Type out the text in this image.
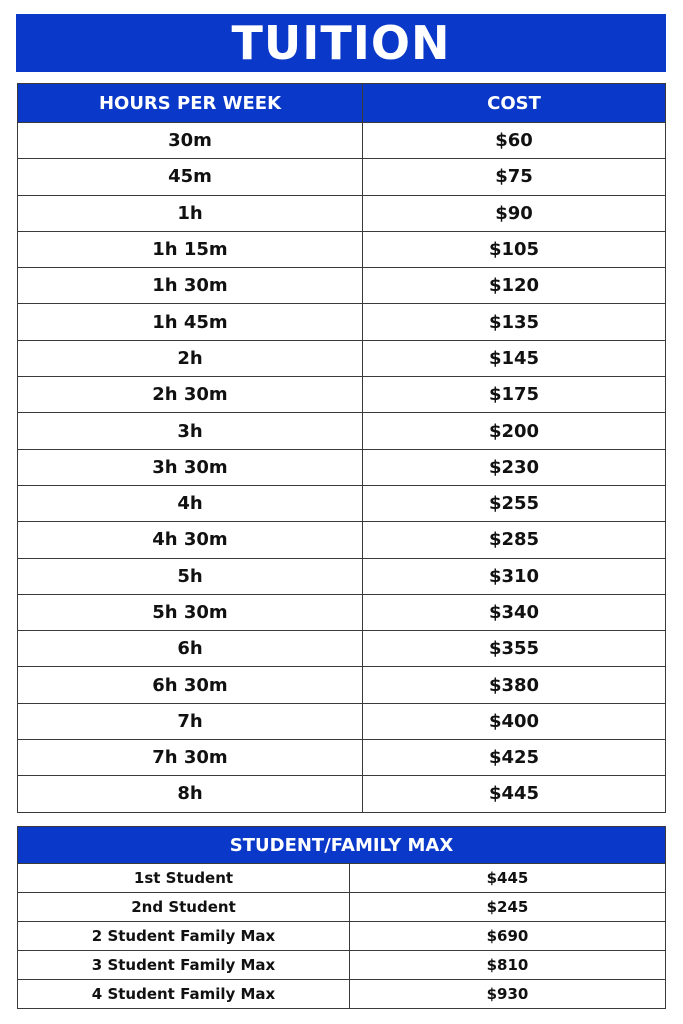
TUITION
HOURS PER WEEK	COST
30m	$60
45m	$75
1h	$90
1h 15m	$105
1h 30m	$120
1h 45m	$135
2h	$145
2h 30m	$175
3h	$200
3h 30m	$230
4h	$255
4h 30m	$285
5h	$310
5h 30m	$340
6h	$355
6h 30m	$380
7h	$400
7h 30m	$425
8h	$445
STUDENT/FAMILY MAX	
1st Student	$445
2nd Student	$245
2 Student Family Max	$690
3 Student Family Max	$810
4 Student Family Max	$930
